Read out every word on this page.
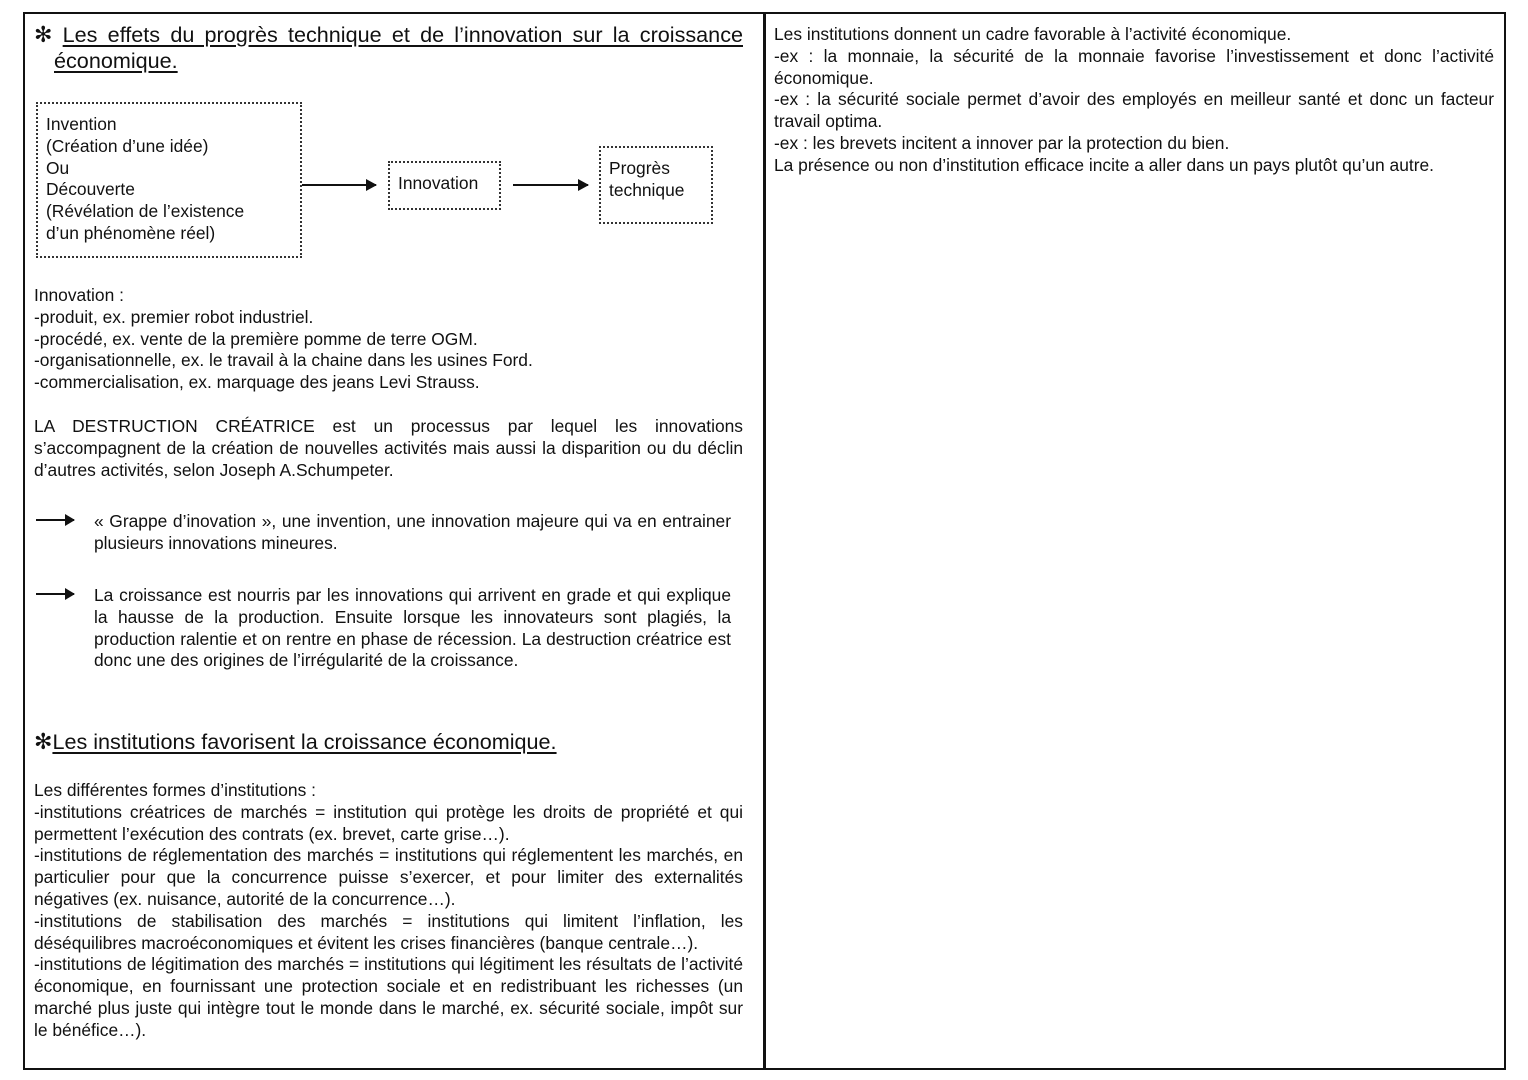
✻ Les effets du progrès technique et de l’innovation sur la croissance
économique.
Invention
(Création d’une idée)
Ou
Découverte
(Révélation de l’existence
d’un phénomène réel)
Innovation
Progrès
technique
Innovation :
-produit, ex. premier robot industriel.
-procédé, ex. vente de la première pomme de terre OGM.
-organisationnelle, ex. le travail à la chaine dans les usines Ford.
-commercialisation, ex. marquage des jeans Levi Strauss.
LA DESTRUCTION CRÉATRICE est un processus par lequel les innovations s’accompagnent de la création de nouvelles activités mais aussi la disparition ou du déclin d’autres activités, selon Joseph A.Schumpeter.
« Grappe d’inovation », une invention, une innovation majeure qui va en entrainer plusieurs innovations mineures.
La croissance est nourris par les innovations qui arrivent en grade et qui explique la hausse de la production. Ensuite lorsque les innovateurs sont plagiés, la production ralentie et on rentre en phase de récession. La destruction créatrice est donc une des origines de l’irrégularité de la croissance.
✻Les institutions favorisent la croissance économique.
Les différentes formes d’institutions :
-institutions créatrices de marchés = institution qui protège les droits de propriété et qui permettent l’exécution des contrats (ex. brevet, carte grise…).
-institutions de réglementation des marchés = institutions qui réglementent les marchés, en particulier pour que la concurrence puisse s’exercer, et pour limiter des externalités négatives (ex. nuisance, autorité de la concurrence…).
-institutions de stabilisation des marchés = institutions qui limitent l’inflation, les déséquilibres macroéconomiques et évitent les crises financières (banque centrale…).
-institutions de légitimation des marchés = institutions qui légitiment les résultats de l’activité économique, en fournissant une protection sociale et en redistribuant les richesses (un marché plus juste qui intègre tout le monde dans le marché, ex. sécurité sociale, impôt sur le bénéfice…).
Les institutions donnent un cadre favorable à l’activité économique.
-ex : la monnaie, la sécurité de la monnaie favorise l’investissement et donc l’activité économique.
-ex : la sécurité sociale permet d’avoir des employés en meilleur santé et donc un facteur travail optima.
-ex : les brevets incitent a innover par la protection du bien.
La présence ou non d’institution efficace incite a aller dans un pays plutôt qu’un autre.
